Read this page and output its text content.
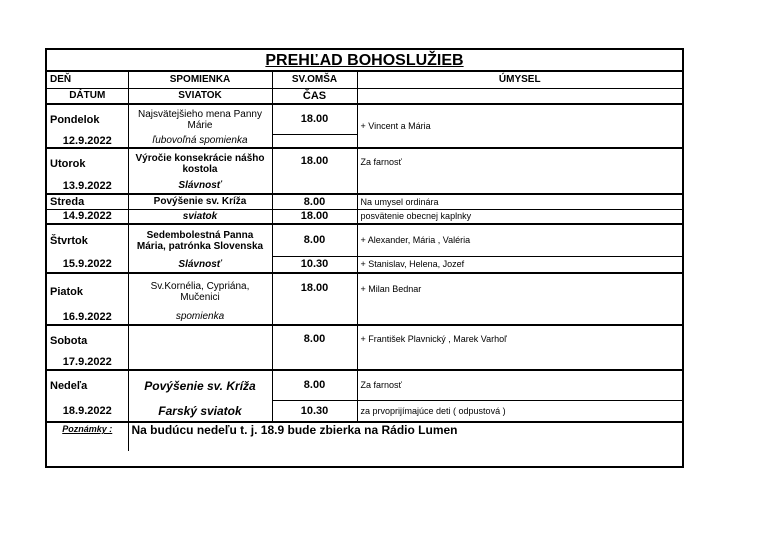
PREHĽAD BOHOSLUŽIEB
DEŇ	SPOMIENKA	SV.OMŠA	ÚMYSEL
DÁTUM	SVIATOK	ČAS	
Pondelok	Najsvätejšieho mena Panny Márie	18.00	+ Vincent a Mária
12.9.2022	ľubovoľná spomienka		
Utorok	Výročie konsekrácie nášho kostola	18.00	Za farnosť
13.9.2022	Slávnosť		
Streda	Povýšenie sv. Kríža	8.00	Na umysel ordinára
14.9.2022	sviatok	18.00	posvätenie obecnej kaplnky
Štvrtok	Sedembolestná Panna Mária, patrónka Slovenska	8.00	+ Alexander, Mária , Valéria
15.9.2022	Slávnosť	10.30	+ Stanislav, Helena, Jozef
Piatok	Sv.Kornélia, Cypriána, Mučenici	18.00	+ Milan Bednar
16.9.2022	spomienka		
Sobota		8.00	+ František Plavnický , Marek Varhoľ
17.9.2022			
Nedeľa	Povýšenie sv. Kríža	8.00	Za farnosť
18.9.2022	Farský sviatok	10.30	za prvoprijímajúce deti ( odpustová )
Poznámky :	Na budúcu nedeľu t. j. 18.9 bude zbierka na Rádio Lumen		
